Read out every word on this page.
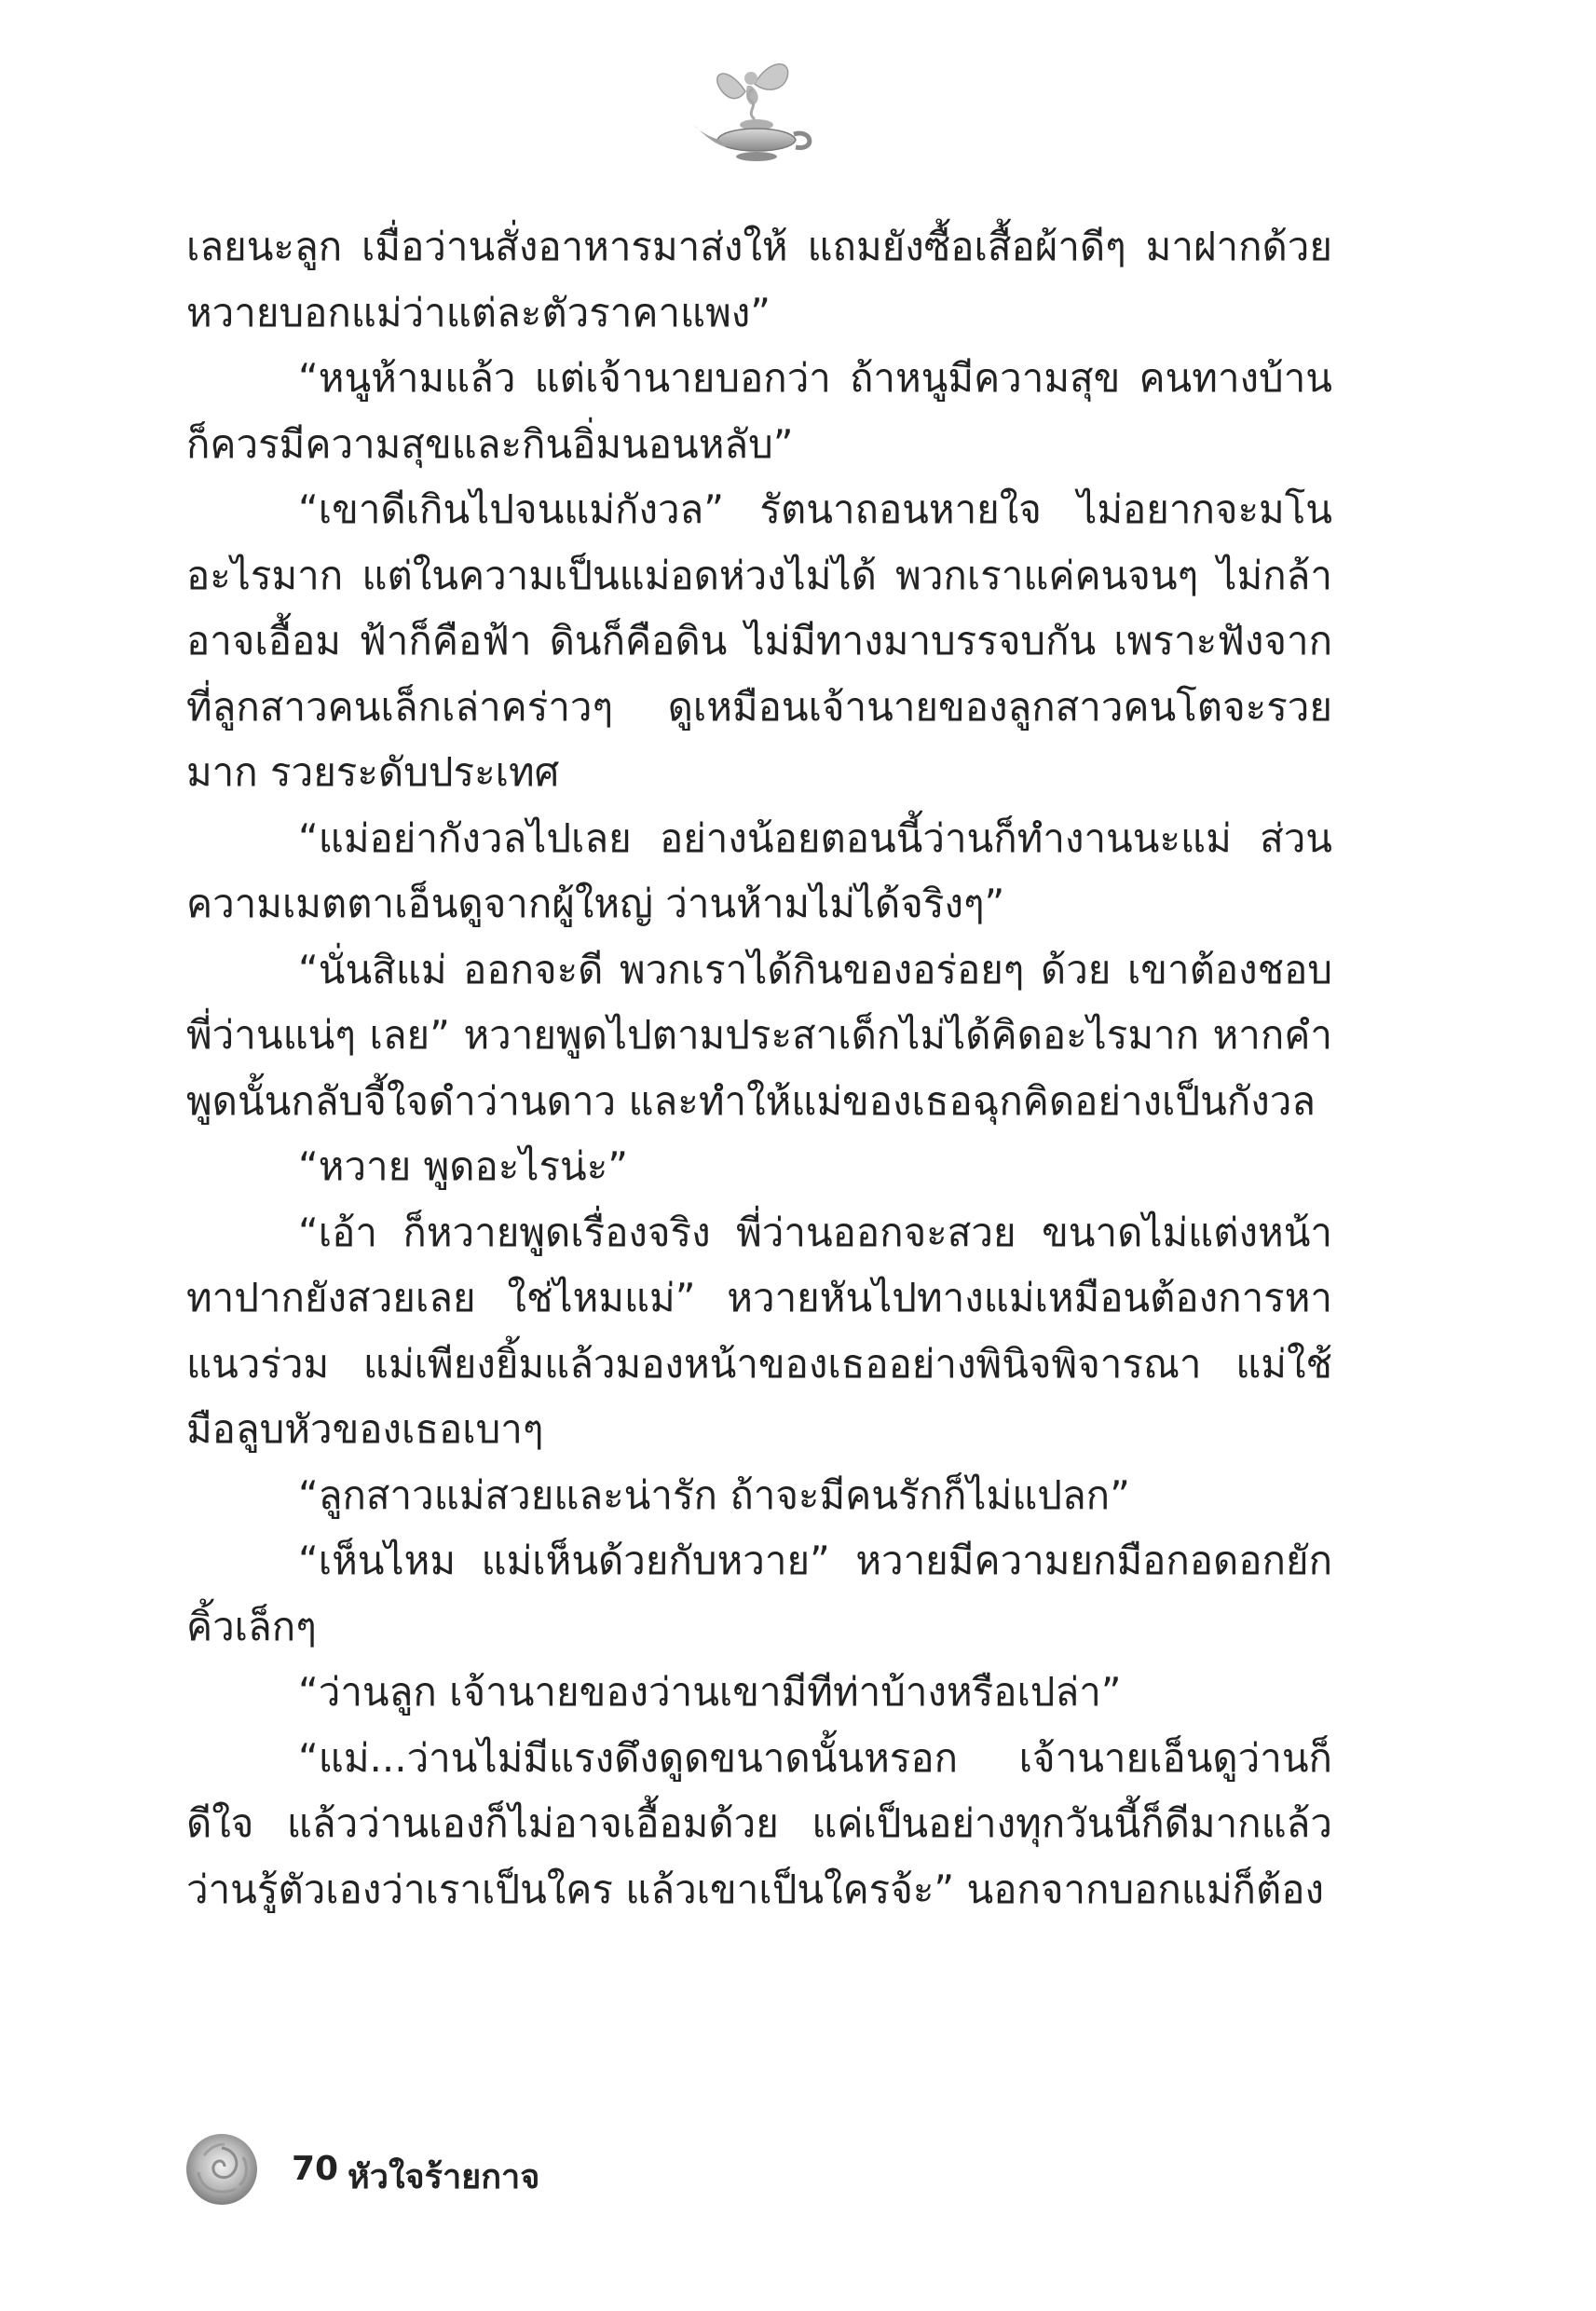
เลยนะลูก เมื่อว่านสั่งอาหารมาส่งให้ แถมยังซื้อเสื้อผ้าดีๆ มาฝากด้วย หวายบอกแม่ว่าแต่ละตัวราคาแพง”

“หนูห้ามแล้ว แต่เจ้านายบอกว่า ถ้าหนูมีความสุข คนทางบ้านก็ควรมีความสุขและกินอิ่มนอนหลับ”

“เขาดีเกินไปจนแม่กังวล” รัตนาถอนหายใจ ไม่อยากจะมโนอะไรมาก แต่ในความเป็นแม่อดห่วงไม่ได้ พวกเราแค่คนจนๆ ไม่กล้าอาจเอื้อม ฟ้าก็คือฟ้า ดินก็คือดิน ไม่มีทางมาบรรจบกัน เพราะฟังจากที่ลูกสาวคนเล็กเล่าคร่าวๆ ดูเหมือนเจ้านายของลูกสาวคนโตจะรวยมาก รวยระดับประเทศ

“แม่อย่ากังวลไปเลย อย่างน้อยตอนนี้ว่านก็ทำงานนะแม่ ส่วนความเมตตาเอ็นดูจากผู้ใหญ่ ว่านห้ามไม่ได้จริงๆ”

“นั่นสิแม่ ออกจะดี พวกเราได้กินของอร่อยๆ ด้วย เขาต้องชอบพี่ว่านแน่ๆ เลย” หวายพูดไปตามประสาเด็กไม่ได้คิดอะไรมาก หากคำพูดนั้นกลับจี้ใจดำว่านดาว และทำให้แม่ของเธอฉุกคิดอย่างเป็นกังวล

“หวาย พูดอะไรน่ะ”

“เอ้า ก็หวายพูดเรื่องจริง พี่ว่านออกจะสวย ขนาดไม่แต่งหน้าทาปากยังสวยเลย ใช่ไหมแม่” หวายหันไปทางแม่เหมือนต้องการหาแนวร่วม แม่เพียงยิ้มแล้วมองหน้าของเธออย่างพินิจพิจารณา แม่ใช้มือลูบหัวของเธอเบาๆ

“ลูกสาวแม่สวยและน่ารัก ถ้าจะมีคนรักก็ไม่แปลก”

“เห็นไหม แม่เห็นด้วยกับหวาย” หวายมีความยกมือกอดอกยักคิ้วเล็กๆ

“ว่านลูก เจ้านายของว่านเขามีทีท่าบ้างหรือเปล่า”

“แม่...ว่านไม่มีแรงดึงดูดขนาดนั้นหรอก เจ้านายเอ็นดูว่านก็ดีใจ แล้วว่านเองก็ไม่อาจเอื้อมด้วย แค่เป็นอย่างทุกวันนี้ก็ดีมากแล้ว ว่านรู้ตัวเองว่าเราเป็นใคร แล้วเขาเป็นใครจ้ะ” นอกจากบอกแม่ก็ต้อง

70 หัวใจร้ายกาจ
